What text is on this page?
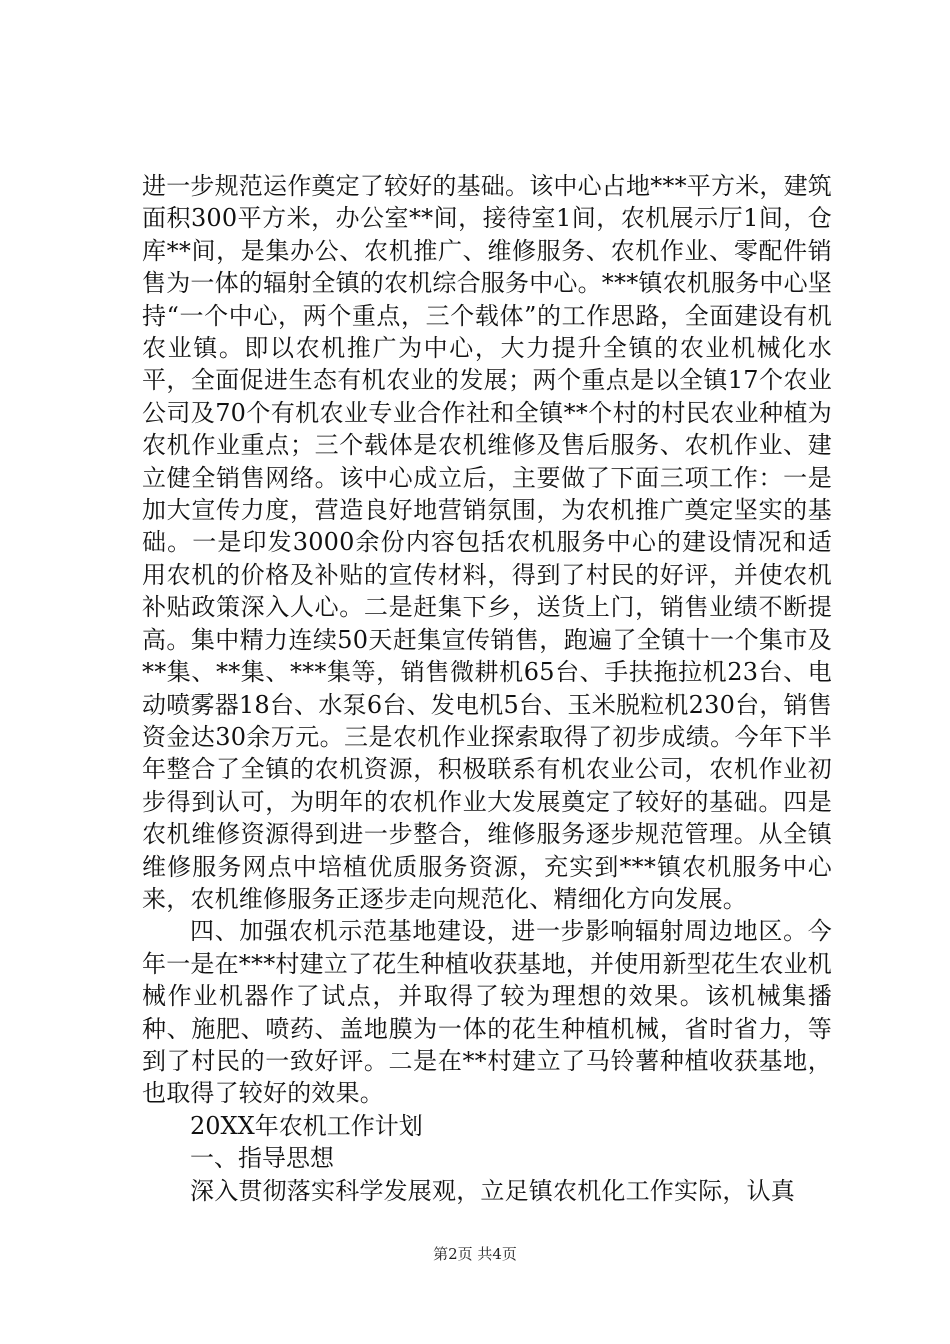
进一步规范运作奠定了较好的基础。该中心占地***平方米，建筑面积300平方米，办公室**间，接待室1间，农机展示厅1间，仓库**间，是集办公、农机推广、维修服务、农机作业、零配件销售为一体的辐射全镇的农机综合服务中心。***镇农机服务中心坚持“一个中心，两个重点，三个载体”的工作思路，全面建设有机农业镇。即以农机推广为中心，大力提升全镇的农业机械化水平，全面促进生态有机农业的发展；两个重点是以全镇17个农业公司及70个有机农业专业合作社和全镇**个村的村民农业种植为农机作业重点；三个载体是农机维修及售后服务、农机作业、建立健全销售网络。该中心成立后，主要做了下面三项工作：一是加大宣传力度，营造良好地营销氛围，为农机推广奠定坚实的基础。一是印发3000余份内容包括农机服务中心的建设情况和适用农机的价格及补贴的宣传材料，得到了村民的好评，并使农机补贴政策深入人心。二是赶集下乡，送货上门，销售业绩不断提高。集中精力连续50天赶集宣传销售，跑遍了全镇十一个集市及**集、**集、***集等，销售微耕机65台、手扶拖拉机23台、电动喷雾器18台、水泵6台、发电机5台、玉米脱粒机230台，销售资金达30余万元。三是农机作业探索取得了初步成绩。今年下半年整合了全镇的农机资源，积极联系有机农业公司，农机作业初步得到认可，为明年的农机作业大发展奠定了较好的基础。四是农机维修资源得到进一步整合，维修服务逐步规范管理。从全镇维修服务网点中培植优质服务资源，充实到***镇农机服务中心来，农机维修服务正逐步走向规范化、精细化方向发展。

四、加强农机示范基地建设，进一步影响辐射周边地区。今年一是在***村建立了花生种植收获基地，并使用新型花生农业机械作业机器作了试点，并取得了较为理想的效果。该机械集播种、施肥、喷药、盖地膜为一体的花生种植机械，省时省力，等到了村民的一致好评。二是在**村建立了马铃薯种植收获基地，也取得了较好的效果。

20XX年农机工作计划

一、指导思想

深入贯彻落实科学发展观，立足镇农机化工作实际，认真

第2页 共4页
